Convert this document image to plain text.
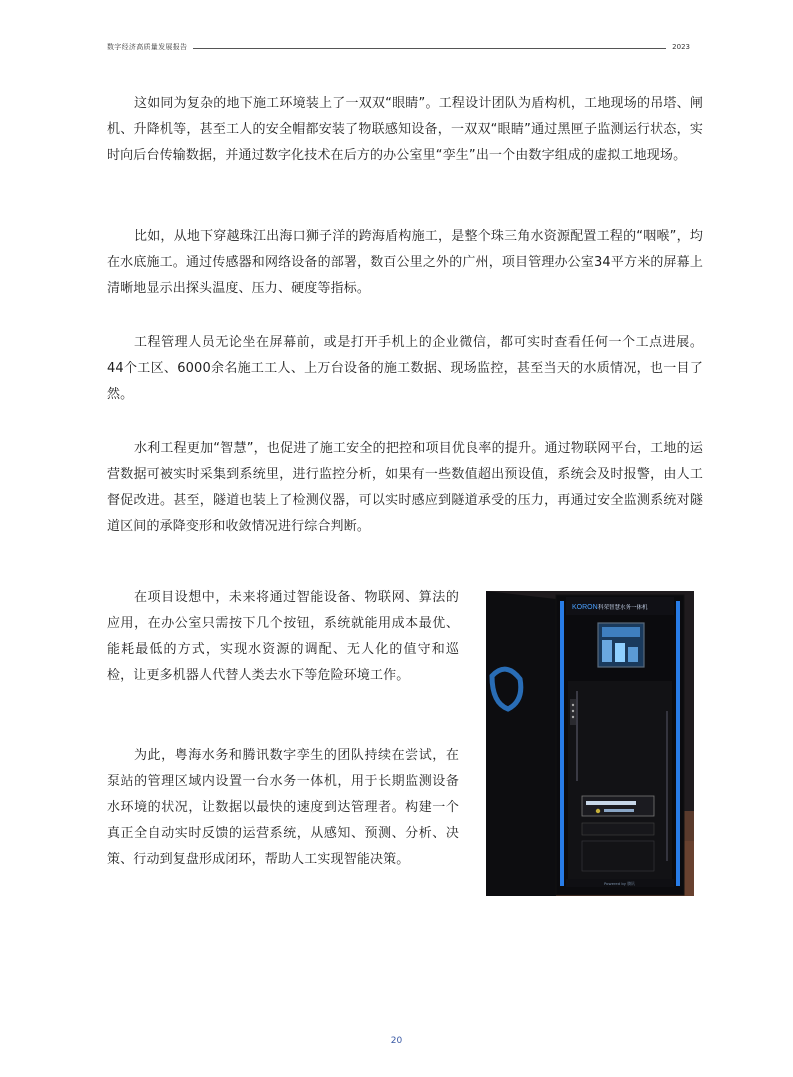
数字经济高质量发展报告	2023

这如同为复杂的地下施工环境装上了一双双“眼睛”。工程设计团队为盾构机，工地现场的吊塔、闸机、升降机等，甚至工人的安全帽都安装了物联感知设备，一双双“眼睛”通过黑匣子监测运行状态，实时向后台传输数据，并通过数字化技术在后方的办公室里“孪生”出一个由数字组成的虚拟工地现场。

比如，从地下穿越珠江出海口狮子洋的跨海盾构施工，是整个珠三角水资源配置工程的“咽喉”，均在水底施工。通过传感器和网络设备的部署，数百公里之外的广州，项目管理办公室34平方米的屏幕上清晰地显示出探头温度、压力、硬度等指标。

工程管理人员无论坐在屏幕前，或是打开手机上的企业微信，都可实时查看任何一个工点进展。44个工区、6000余名施工工人、上万台设备的施工数据、现场监控，甚至当天的水质情况，也一目了然。

水利工程更加“智慧”，也促进了施工安全的把控和项目优良率的提升。通过物联网平台，工地的运营数据可被实时采集到系统里，进行监控分析，如果有一些数值超出预设值，系统会及时报警，由人工督促改进。甚至，隧道也装上了检测仪器，可以实时感应到隧道承受的压力，再通过安全监测系统对隧道区间的承降变形和收敛情况进行综合判断。

在项目设想中，未来将通过智能设备、物联网、算法的应用，在办公室只需按下几个按钮，系统就能用成本最优、能耗最低的方式，实现水资源的调配、无人化的值守和巡检，让更多机器人代替人类去水下等危险环境工作。

为此，粤海水务和腾讯数字孪生的团队持续在尝试，在泵站的管理区域内设置一台水务一体机，用于长期监测设备水环境的状况，让数据以最快的速度到达管理者。构建一个真正全自动实时反馈的运营系统，从感知、预测、分析、决策、行动到复盘形成闭环，帮助人工实现智能决策。

KORON 科荣智慧水务一体机
Powered by 腾讯
20
